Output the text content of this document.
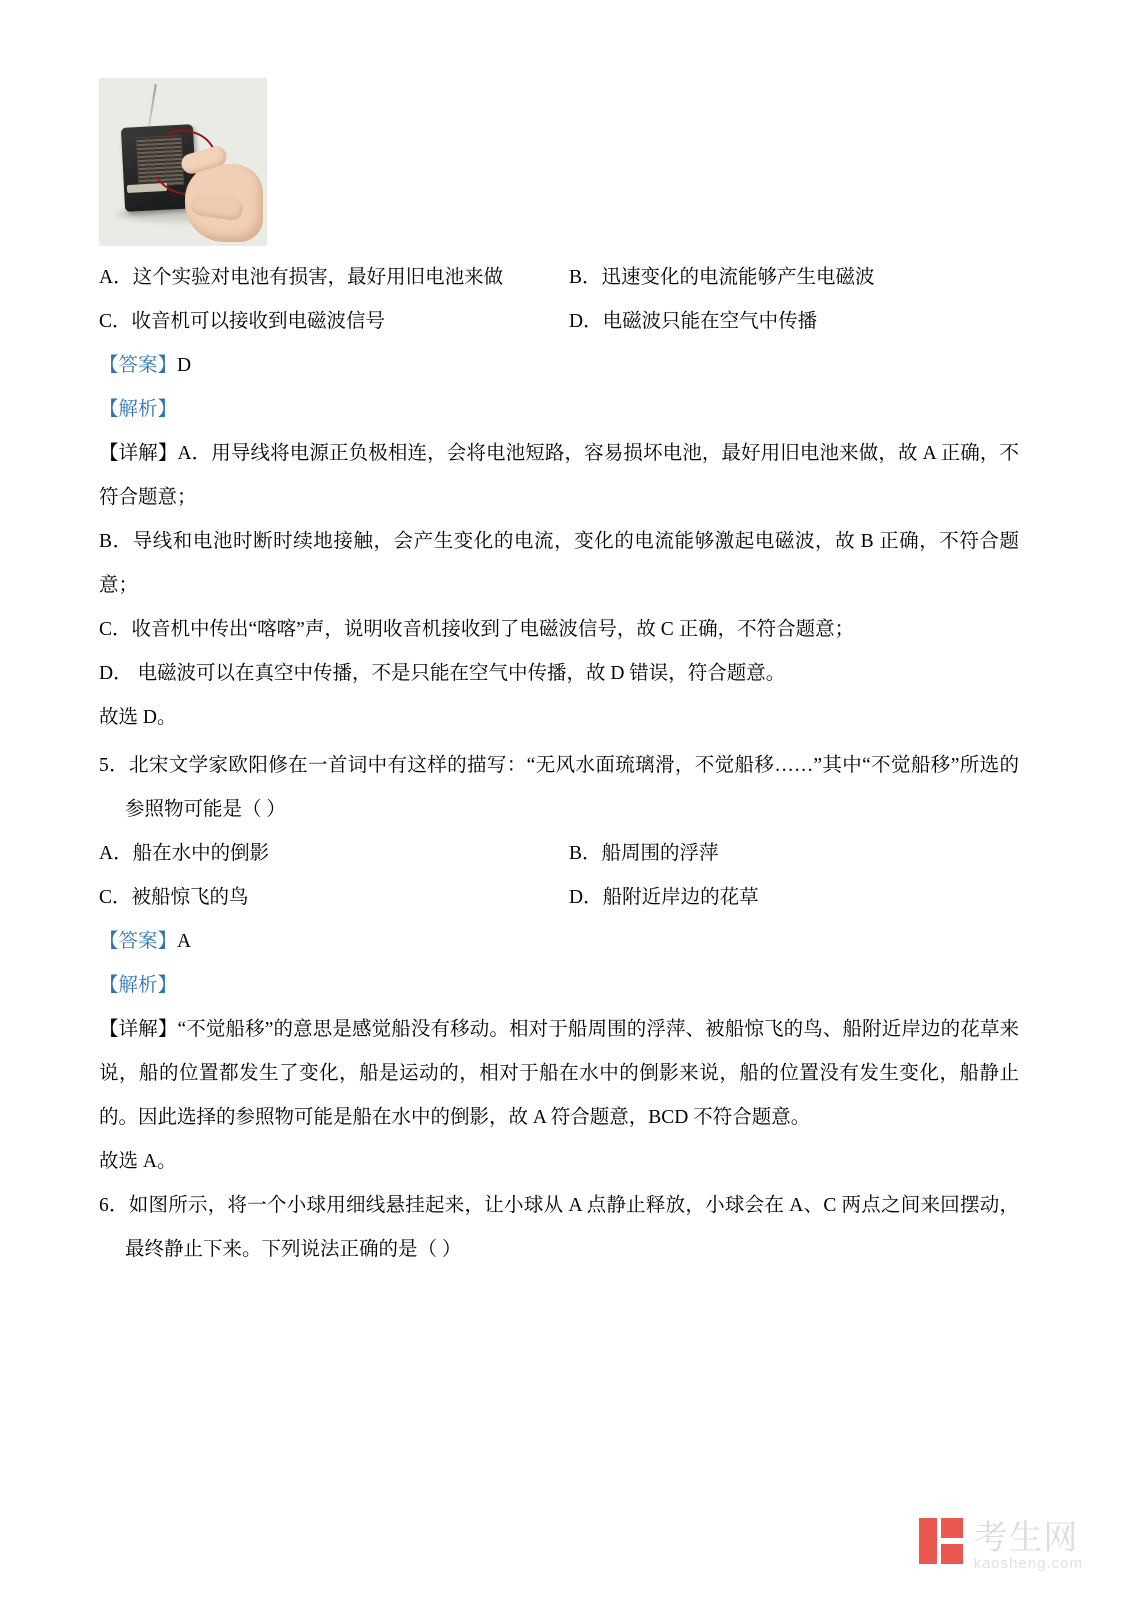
A．这个实验对电池有损害，最好用旧电池来做	B．迅速变化的电流能够产生电磁波
C．收音机可以接收到电磁波信号	D．电磁波只能在空气中传播

【答案】D

【解析】

【详解】A．用导线将电源正负极相连，会将电池短路，容易损坏电池，最好用旧电池来做，故 A 正确，不符合题意；

B．导线和电池时断时续地接触，会产生变化的电流，变化的电流能够激起电磁波，故 B 正确，不符合题意；

C．收音机中传出“喀喀”声，说明收音机接收到了电磁波信号，故 C 正确，不符合题意；

D． 电磁波可以在真空中传播，不是只能在空气中传播，故 D 错误，符合题意。

故选 D。

5．北宋文学家欧阳修在一首词中有这样的描写：“无风水面琉璃滑，不觉船移……”其中“不觉船移”所选的参照物可能是（ ）

A．船在水中的倒影	B．船周围的浮萍
C．被船惊飞的鸟	D．船附近岸边的花草

【答案】A

【解析】

【详解】“不觉船移”的意思是感觉船没有移动。相对于船周围的浮萍、被船惊飞的鸟、船附近岸边的花草来说，船的位置都发生了变化，船是运动的，相对于船在水中的倒影来说，船的位置没有发生变化，船静止的。因此选择的参照物可能是船在水中的倒影，故 A 符合题意，BCD 不符合题意。

故选 A。

6．如图所示，将一个小球用细线悬挂起来，让小球从 A 点静止释放，小球会在 A、C 两点之间来回摆动，最终静止下来。下列说法正确的是（ ）

考生网
kaosheng.com
